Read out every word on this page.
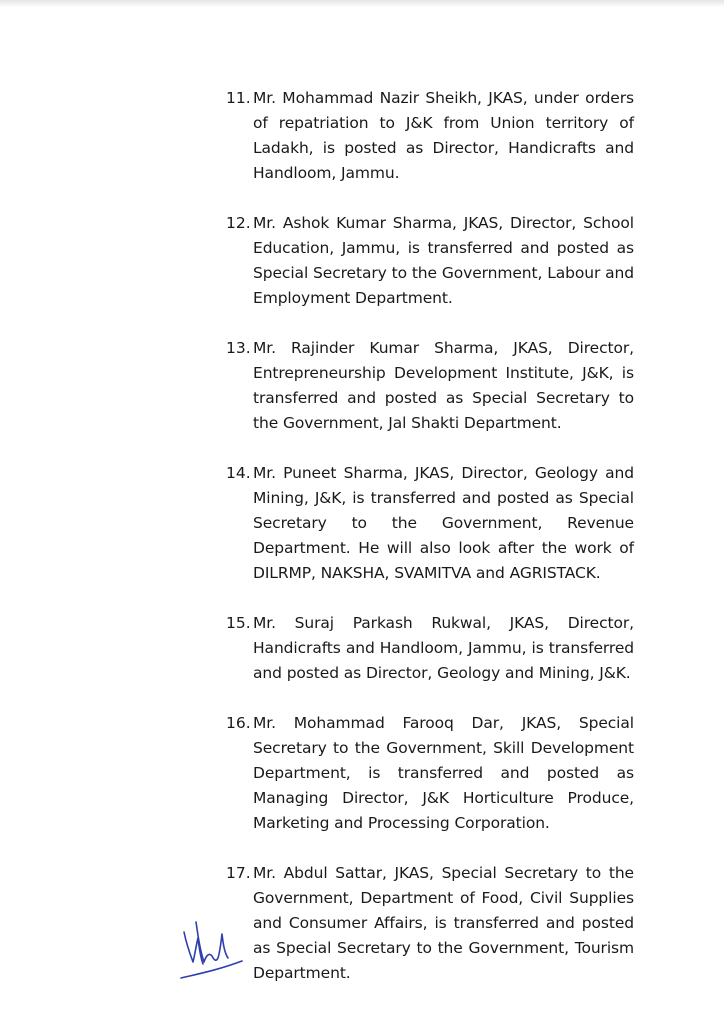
11. Mr. Mohammad Nazir Sheikh, JKAS, under orders of repatriation to J&K from Union territory of Ladakh, is posted as Director, Handicrafts and Handloom, Jammu.

12. Mr. Ashok Kumar Sharma, JKAS, Director, School Education, Jammu, is transferred and posted as Special Secretary to the Government, Labour and Employment Department.

13. Mr. Rajinder Kumar Sharma, JKAS, Director, Entrepreneurship Development Institute, J&K, is transferred and posted as Special Secretary to the Government, Jal Shakti Department.

14. Mr. Puneet Sharma, JKAS, Director, Geology and Mining, J&K, is transferred and posted as Special Secretary to the Government, Revenue Department. He will also look after the work of DILRMP, NAKSHA, SVAMITVA and AGRISTACK.

15. Mr. Suraj Parkash Rukwal, JKAS, Director, Handicrafts and Handloom, Jammu, is transferred and posted as Director, Geology and Mining, J&K.

16. Mr. Mohammad Farooq Dar, JKAS, Special Secretary to the Government, Skill Development Department, is transferred and posted as Managing Director, J&K Horticulture Produce, Marketing and Processing Corporation.

17. Mr. Abdul Sattar, JKAS, Special Secretary to the Government, Department of Food, Civil Supplies and Consumer Affairs, is transferred and posted as Special Secretary to the Government, Tourism Department.
